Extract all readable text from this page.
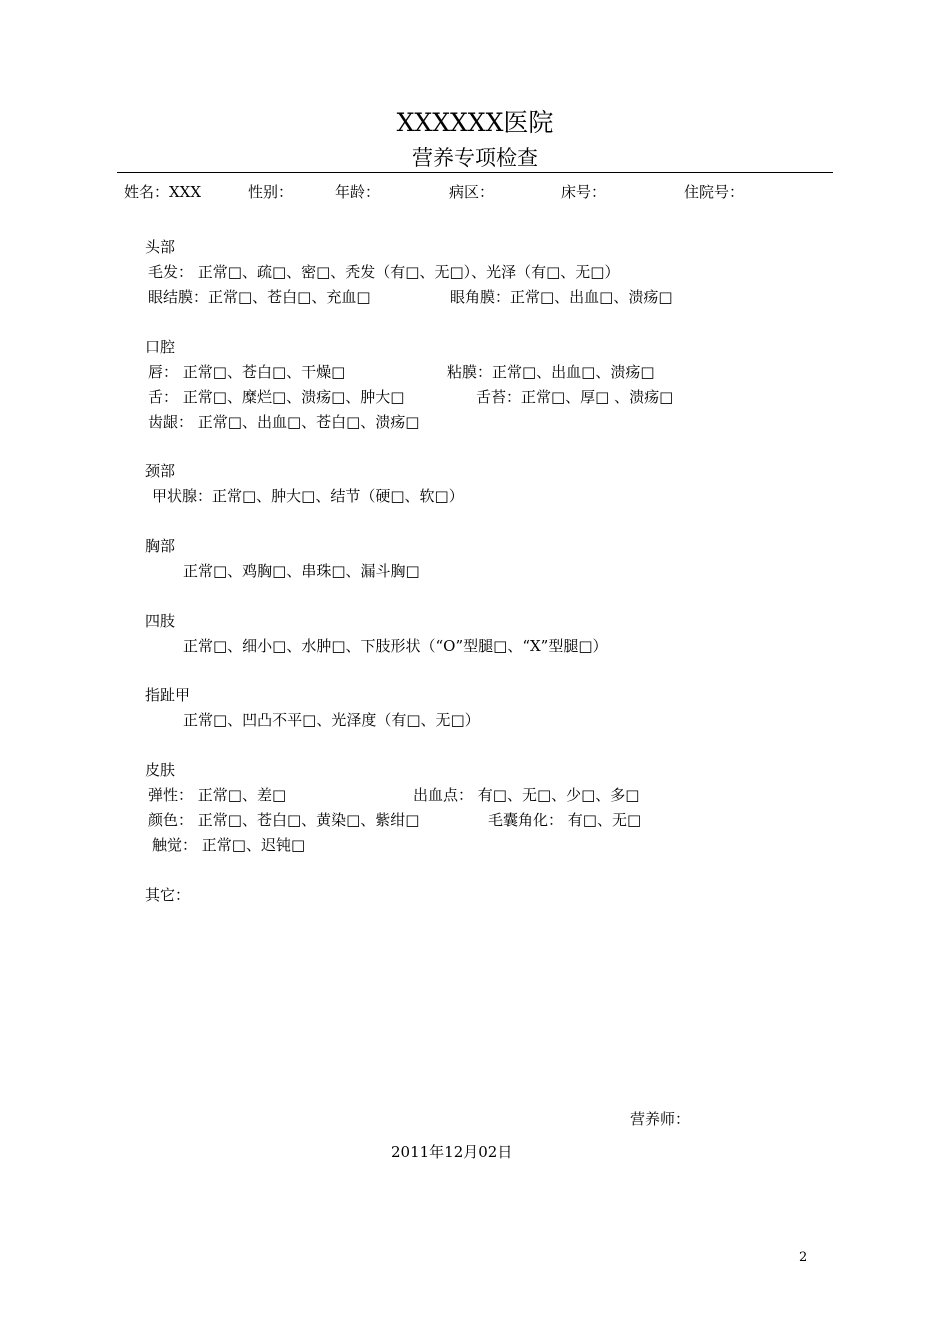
XXXXXX医院
营养专项检查
姓名：XXX	性别：	年龄：	病区：	床号：	住院号：
头部
毛发： 正常□、疏□、密□、秃发（有□、无□）、光泽（有□、无□）
眼结膜：正常□、苍白□、充血□	眼角膜：正常□、出血□、溃疡□
口腔
唇： 正常□、苍白□、干燥□	粘膜：正常□、出血□、溃疡□
舌： 正常□、糜烂□、溃疡□、肿大□	舌苔：正常□、厚□ 、溃疡□
齿龈： 正常□、出血□、苍白□、溃疡□
颈部
甲状腺：正常□、肿大□、结节（硬□、软□）
胸部
正常□、鸡胸□、串珠□、漏斗胸□
四肢
正常□、细小□、水肿□、下肢形状（“O”型腿□、“X”型腿□）
指趾甲
正常□、凹凸不平□、光泽度（有□、无□）
皮肤
弹性： 正常□、差□	出血点： 有□、无□、少□、多□
颜色： 正常□、苍白□、黄染□、紫绀□	毛囊角化： 有□、无□
触觉： 正常□、迟钝□
其它：
营养师：
2011年12月02日
2
